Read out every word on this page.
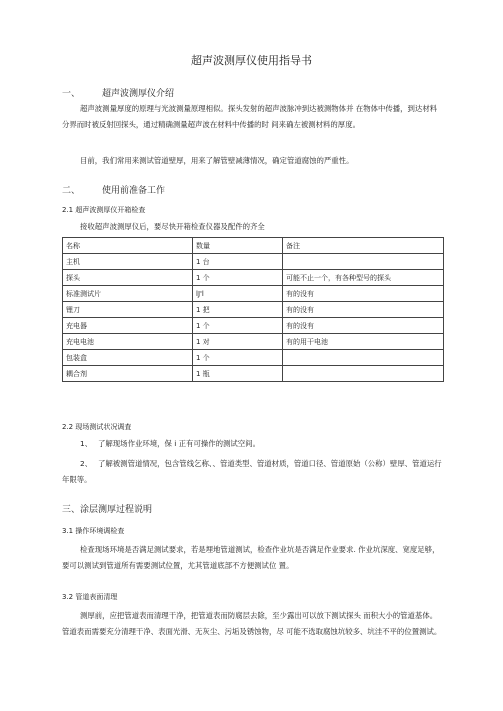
超声波测厚仪使用指导书
一、 超声波测厚仪介绍
超声波测量厚度的原理与光波测量原理相似。探头发射的超声波脉冲到达被测物体并 在物体中传播，到达材料分界而时被反射回探头，通过精确测量超声波在材料中传播的时 间来确左被测材料的厚度。
目前，我们常用来测试管道壁厚，用来了解管壁减薄情况，确定管道腐蚀的严重性。
二、 使用前准备工作
2.1 超声波测厚仪开箱检查
接收超声波测厚仪后，要尽快开箱检查仪器及配件的齐全
名称	数量	备注
主机	1 台	
探头	1 个	可能不止一个，有各种型号的探头
标准测试片	lJ'l	有的没有
锂刀	1 把	有的没有
充电器	1 个	有的没有
充电电池	1 对	有的用干电池
包装盒	1 个	
耦合剂	1 瓶	
2.2 现场测试状况调査
1、 了解现场作业环境，保 i 正有可操作的测试空间。
2、 了解被测管道情况，包含管线乞称、、管道类型、管道材质，管道口径、管道原始（公称）壁厚、管道运行年限等。
三、涂层测厚过程说明
3.1 操作环境调检查
检查现场环境是否满足测试要求，若是埋地管道测试，检查作业坑是否满足作业要求. 作业坑深度、宽度足够，要可以测试到管道所有需要测试位置，尤其管道底部不方便测试位 置。
3.2 管道表面清理
测厚前，应把管道表而清理干净，把管道表而防腐层去除，至少露出可以放下测试探头 而积大小的管道基体。管道表而需要充分清理干净、表面光滑、无灰尘、污垢及锈蚀物，尽 可能不选取腐蚀坑较多、坑洼不平的位置测试。
